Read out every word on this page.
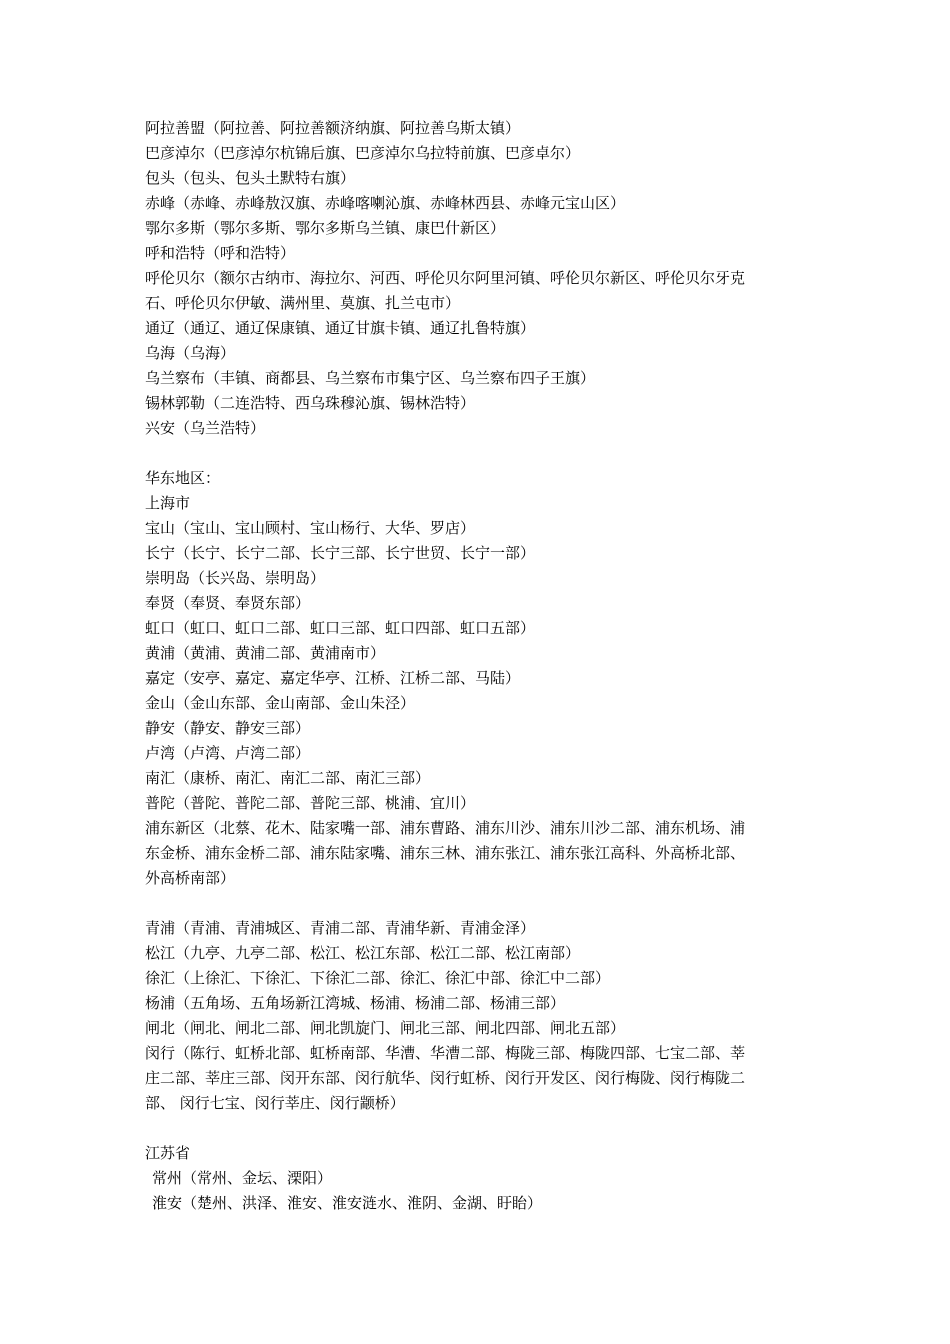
阿拉善盟（阿拉善、阿拉善额济纳旗、阿拉善乌斯太镇）

巴彦淖尔（巴彦淖尔杭锦后旗、巴彦淖尔乌拉特前旗、巴彦卓尔）

包头（包头、包头土默特右旗）

赤峰（赤峰、赤峰敖汉旗、赤峰喀喇沁旗、赤峰林西县、赤峰元宝山区）

鄂尔多斯（鄂尔多斯、鄂尔多斯乌兰镇、康巴什新区）

呼和浩特（呼和浩特）

呼伦贝尔（额尔古纳市、海拉尔、河西、呼伦贝尔阿里河镇、呼伦贝尔新区、呼伦贝尔牙克

石、呼伦贝尔伊敏、满州里、莫旗、扎兰屯市）

通辽（通辽、通辽保康镇、通辽甘旗卡镇、通辽扎鲁特旗）

乌海（乌海）

乌兰察布（丰镇、商都县、乌兰察布市集宁区、乌兰察布四子王旗）

锡林郭勒（二连浩特、西乌珠穆沁旗、锡林浩特）

兴安（乌兰浩特）

华东地区：

上海市

宝山（宝山、宝山顾村、宝山杨行、大华、罗店）

长宁（长宁、长宁二部、长宁三部、长宁世贸、长宁一部）

崇明岛（长兴岛、崇明岛）

奉贤（奉贤、奉贤东部）

虹口（虹口、虹口二部、虹口三部、虹口四部、虹口五部）

黄浦（黄浦、黄浦二部、黄浦南市）

嘉定（安亭、嘉定、嘉定华亭、江桥、江桥二部、马陆）

金山（金山东部、金山南部、金山朱泾）

静安（静安、静安三部）

卢湾（卢湾、卢湾二部）

南汇（康桥、南汇、南汇二部、南汇三部）

普陀（普陀、普陀二部、普陀三部、桃浦、宜川）

浦东新区（北蔡、花木、陆家嘴一部、浦东曹路、浦东川沙、浦东川沙二部、浦东机场、浦

东金桥、浦东金桥二部、浦东陆家嘴、浦东三林、浦东张江、浦东张江高科、外高桥北部、

外高桥南部）

青浦（青浦、青浦城区、青浦二部、青浦华新、青浦金泽）

松江（九亭、九亭二部、松江、松江东部、松江二部、松江南部）

徐汇（上徐汇、下徐汇、下徐汇二部、徐汇、徐汇中部、徐汇中二部）

杨浦（五角场、五角场新江湾城、杨浦、杨浦二部、杨浦三部）

闸北（闸北、闸北二部、闸北凯旋门、闸北三部、闸北四部、闸北五部）

闵行（陈行、虹桥北部、虹桥南部、华漕、华漕二部、梅陇三部、梅陇四部、七宝二部、莘

庄二部、莘庄三部、闵开东部、闵行航华、闵行虹桥、闵行开发区、闵行梅陇、闵行梅陇二

部、 闵行七宝、闵行莘庄、闵行颛桥）

江苏省

常州（常州、金坛、溧阳）

淮安（楚州、洪泽、淮安、淮安涟水、淮阴、金湖、盱眙）
